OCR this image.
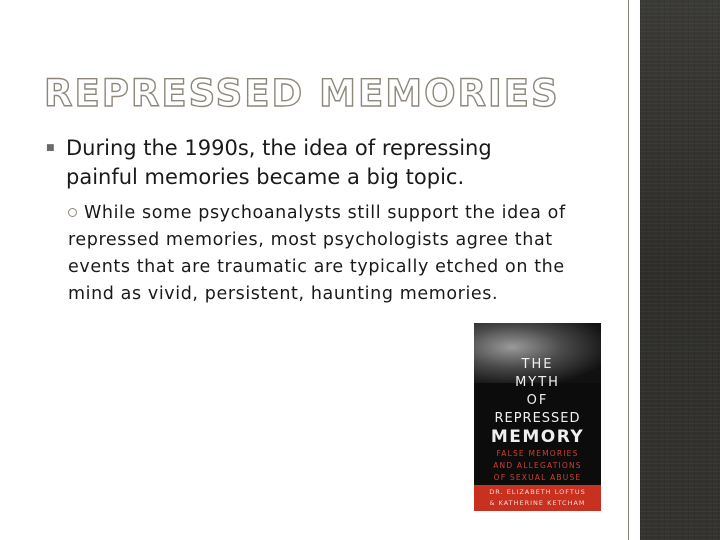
REPRESSED MEMORIES
■ During the 1990s, the idea of repressing painful memories became a big topic.
While some psychoanalysts still support the idea of repressed memories, most psychologists agree that events that are traumatic are typically etched on the mind as vivid, persistent, haunting memories.
THE
MYTH
OF
REPRESSED
MEMORY
FALSE MEMORIES
AND ALLEGATIONS
OF SEXUAL ABUSE
DR. ELIZABETH LOFTUS
& KATHERINE KETCHAM
